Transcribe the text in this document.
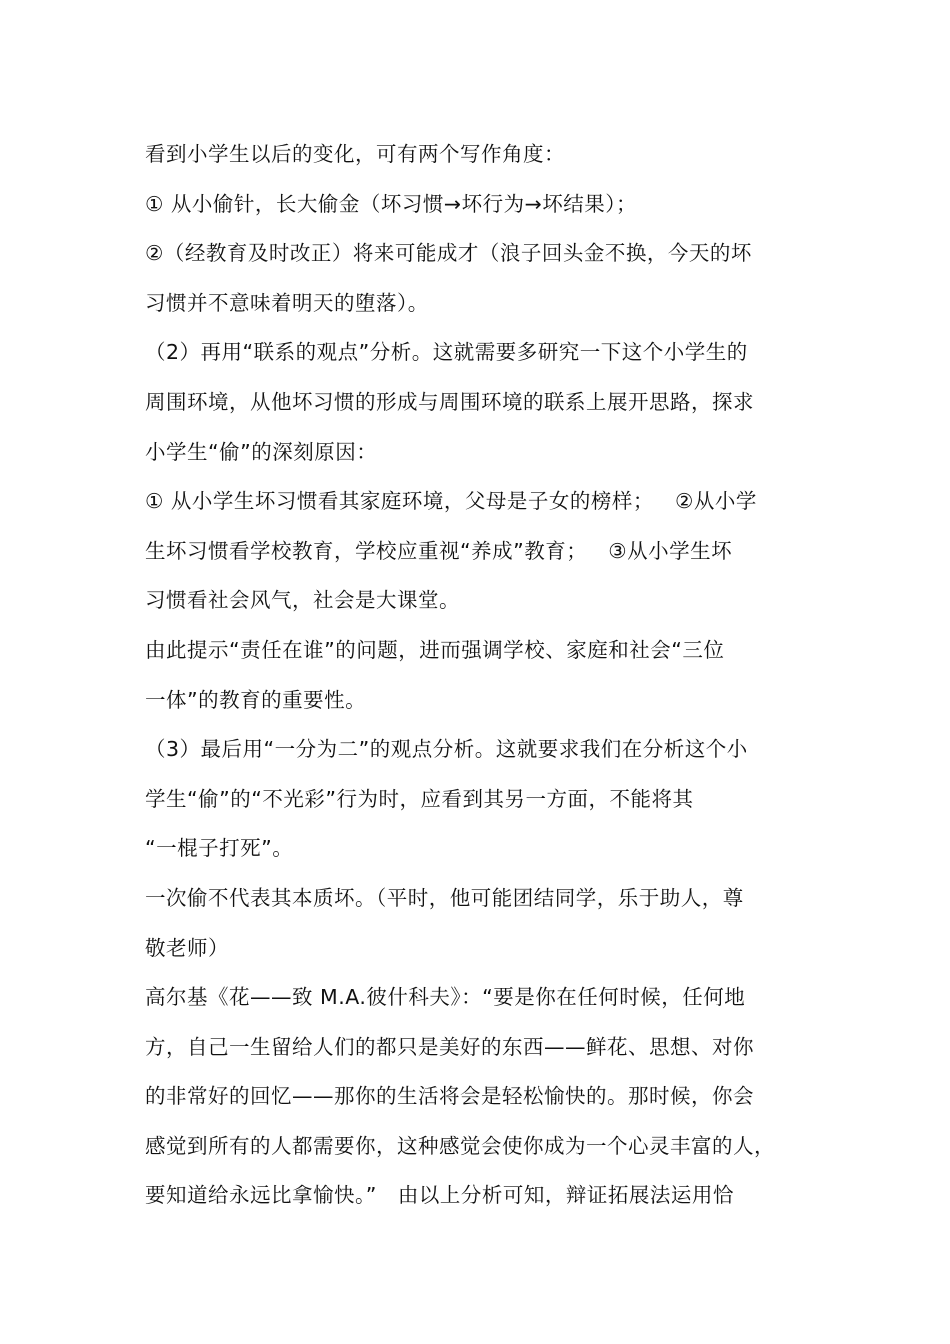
看到小学生以后的变化，可有两个写作角度：
① 从小偷针，长大偷金（坏习惯→坏行为→坏结果）；
②（经教育及时改正）将来可能成才（浪子回头金不换，今天的坏
习惯并不意味着明天的堕落）。
（2）再用“联系的观点”分析。这就需要多研究一下这个小学生的
周围环境，从他坏习惯的形成与周围环境的联系上展开思路，探求
小学生“偷”的深刻原因：
① 从小学生坏习惯看其家庭环境，父母是子女的榜样；   ②从小学
生坏习惯看学校教育，学校应重视“养成”教育；   ③从小学生坏
习惯看社会风气，社会是大课堂。
由此提示“责任在谁”的问题，进而强调学校、家庭和社会“三位
一体”的教育的重要性。
（3）最后用“一分为二”的观点分析。这就要求我们在分析这个小
学生“偷”的“不光彩”行为时，应看到其另一方面，不能将其
“一棍子打死”。
一次偷不代表其本质坏。（平时，他可能团结同学，乐于助人，尊
敬老师）
高尔基《花——致 M.A.彼什科夫》：“要是你在任何时候，任何地
方，自己一生留给人们的都只是美好的东西——鲜花、思想、对你
的非常好的回忆——那你的生活将会是轻松愉快的。那时候，你会
感觉到所有的人都需要你，这种感觉会使你成为一个心灵丰富的人，
要知道给永远比拿愉快。”   由以上分析可知，辩证拓展法运用恰
